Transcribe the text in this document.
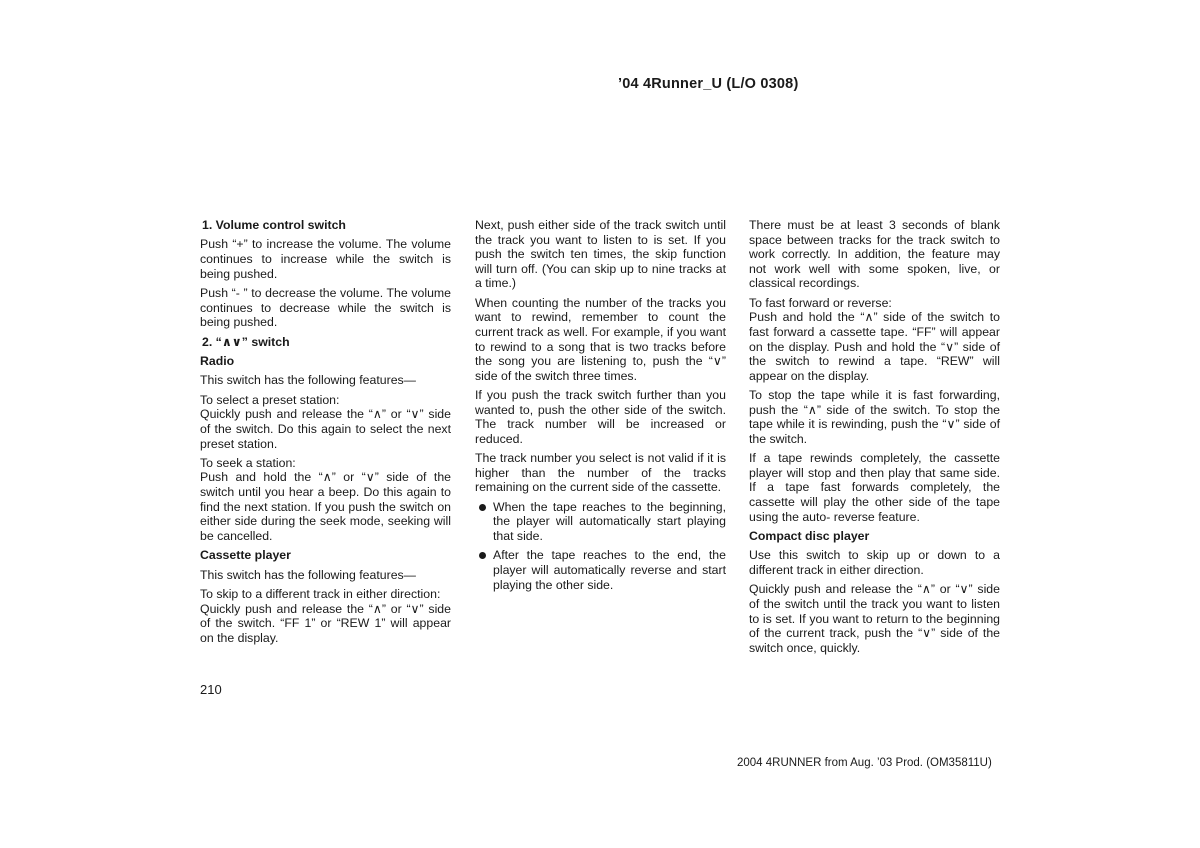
’04 4Runner_U (L/O 0308)
1. Volume control switch
Push “+” to increase the volume. The volume continues to increase while the switch is being pushed.
Push “- ” to decrease the volume. The volume continues to decrease while the switch is being pushed.
2. “∧∨” switch
Radio
This switch has the following features—
To select a preset station:
Quickly push and release the “∧” or “∨” side of the switch. Do this again to select the next preset station.
To seek a station:
Push and hold the “∧” or “∨” side of the switch until you hear a beep. Do this again to find the next station. If you push the switch on either side during the seek mode, seeking will be cancelled.
Cassette player
This switch has the following features—
To skip to a different track in either direction:
Quickly push and release the “∧” or “∨” side of the switch. “FF 1” or “REW 1” will appear on the display.
Next, push either side of the track switch until the track you want to listen to is set. If you push the switch ten times, the skip function will turn off. (You can skip up to nine tracks at a time.)
When counting the number of the tracks you want to rewind, remember to count the current track as well. For example, if you want to rewind to a song that is two tracks before the song you are listening to, push the “∨” side of the switch three times.
If you push the track switch further than you wanted to, push the other side of the switch. The track number will be increased or reduced.
The track number you select is not valid if it is higher than the number of the tracks remaining on the current side of the cassette.
When the tape reaches to the beginning, the player will automatically start playing that side.
After the tape reaches to the end, the player will automatically reverse and start playing the other side.
There must be at least 3 seconds of blank space between tracks for the track switch to work correctly. In addition, the feature may not work well with some spoken, live, or classical recordings.
To fast forward or reverse:
Push and hold the “∧” side of the switch to fast forward a cassette tape. “FF” will appear on the display. Push and hold the “∨” side of the switch to rewind a tape. “REW” will appear on the display.
To stop the tape while it is fast forwarding, push the “∧” side of the switch. To stop the tape while it is rewinding, push the “∨” side of the switch.
If a tape rewinds completely, the cassette player will stop and then play that same side. If a tape fast forwards completely, the cassette will play the other side of the tape using the auto- reverse feature.
Compact disc player
Use this switch to skip up or down to a different track in either direction.
Quickly push and release the “∧” or “∨” side of the switch until the track you want to listen to is set. If you want to return to the beginning of the current track, push the “∨” side of the switch once, quickly.
210
2004 4RUNNER from Aug. ’03 Prod. (OM35811U)
